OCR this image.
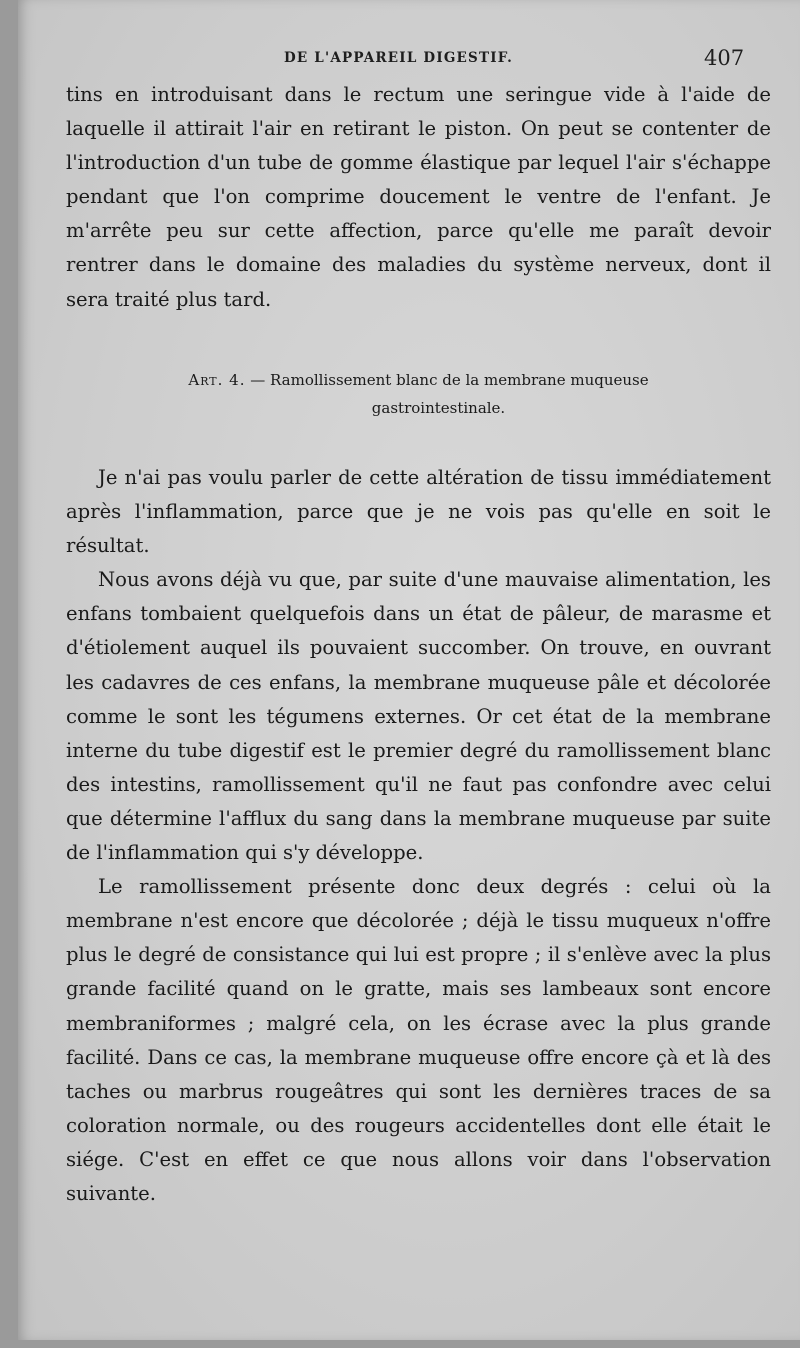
DE L'APPAREIL DIGESTIF.	407

tins en introduisant dans le rectum une seringue vide à l'aide de laquelle il attirait l'air en retirant le piston. On peut se contenter de l'introduction d'un tube de gomme élastique par lequel l'air s'échappe pendant que l'on comprime doucement le ventre de l'enfant. Je m'arrête peu sur cette affection, parce qu'elle me paraît devoir rentrer dans le domaine des maladies du système nerveux, dont il sera traité plus tard.

Art. 4. — Ramollissement blanc de la membrane muqueuse
gastrointestinale.

Je n'ai pas voulu parler de cette altération de tissu immédiatement après l'inflammation, parce que je ne vois pas qu'elle en soit le résultat.

Nous avons déjà vu que, par suite d'une mauvaise alimentation, les enfans tombaient quelquefois dans un état de pâleur, de marasme et d'étiolement auquel ils pouvaient succomber. On trouve, en ouvrant les cadavres de ces enfans, la membrane muqueuse pâle et décolorée comme le sont les tégumens externes. Or cet état de la membrane interne du tube digestif est le premier degré du ramollissement blanc des intestins, ramollissement qu'il ne faut pas confondre avec celui que détermine l'afflux du sang dans la membrane muqueuse par suite de l'inflammation qui s'y développe.

Le ramollissement présente donc deux degrés : celui où la membrane n'est encore que décolorée ; déjà le tissu muqueux n'offre plus le degré de consistance qui lui est propre ; il s'enlève avec la plus grande facilité quand on le gratte, mais ses lambeaux sont encore membraniformes ; malgré cela, on les écrase avec la plus grande facilité. Dans ce cas, la membrane muqueuse offre encore çà et là des taches ou marbrus rougeâtres qui sont les dernières traces de sa coloration normale, ou des rougeurs accidentelles dont elle était le siége. C'est en effet ce que nous allons voir dans l'observation suivante.
